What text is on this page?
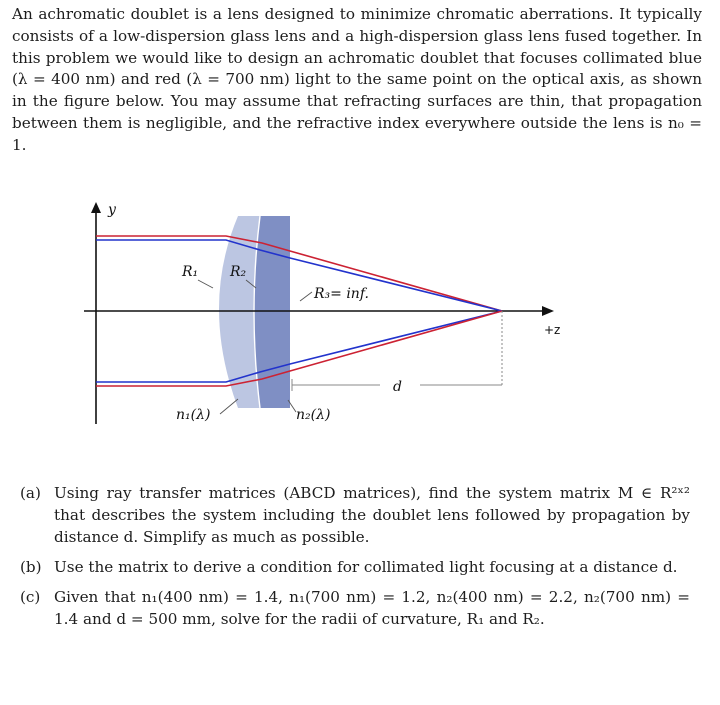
An achromatic doublet is a lens designed to minimize chromatic aberrations. It typically consists of a low-dispersion glass lens and a high-dispersion glass lens fused together. In this problem we would like to design an achromatic doublet that focuses collimated blue (λ = 400 nm) and red (λ = 700 nm) light to the same point on the optical axis, as shown in the figure below. You may assume that refracting surfaces are thin, that propagation between them is negligible, and the refractive index everywhere outside the lens is n₀ = 1.

y
+z
d
R₁ R₂
R₃= inf.
n₁(λ)	n₂(λ)
(a) Using ray transfer matrices (ABCD matrices), find the system matrix M ∈ R²ˣ² that describes the system including the doublet lens followed by propagation by distance d. Simplify as much as possible.
(b) Use the matrix to derive a condition for collimated light focusing at a distance d.
(c) Given that n₁(400 nm) = 1.4, n₁(700 nm) = 1.2, n₂(400 nm) = 2.2, n₂(700 nm) = 1.4 and d = 500 mm, solve for the radii of curvature, R₁ and R₂.
